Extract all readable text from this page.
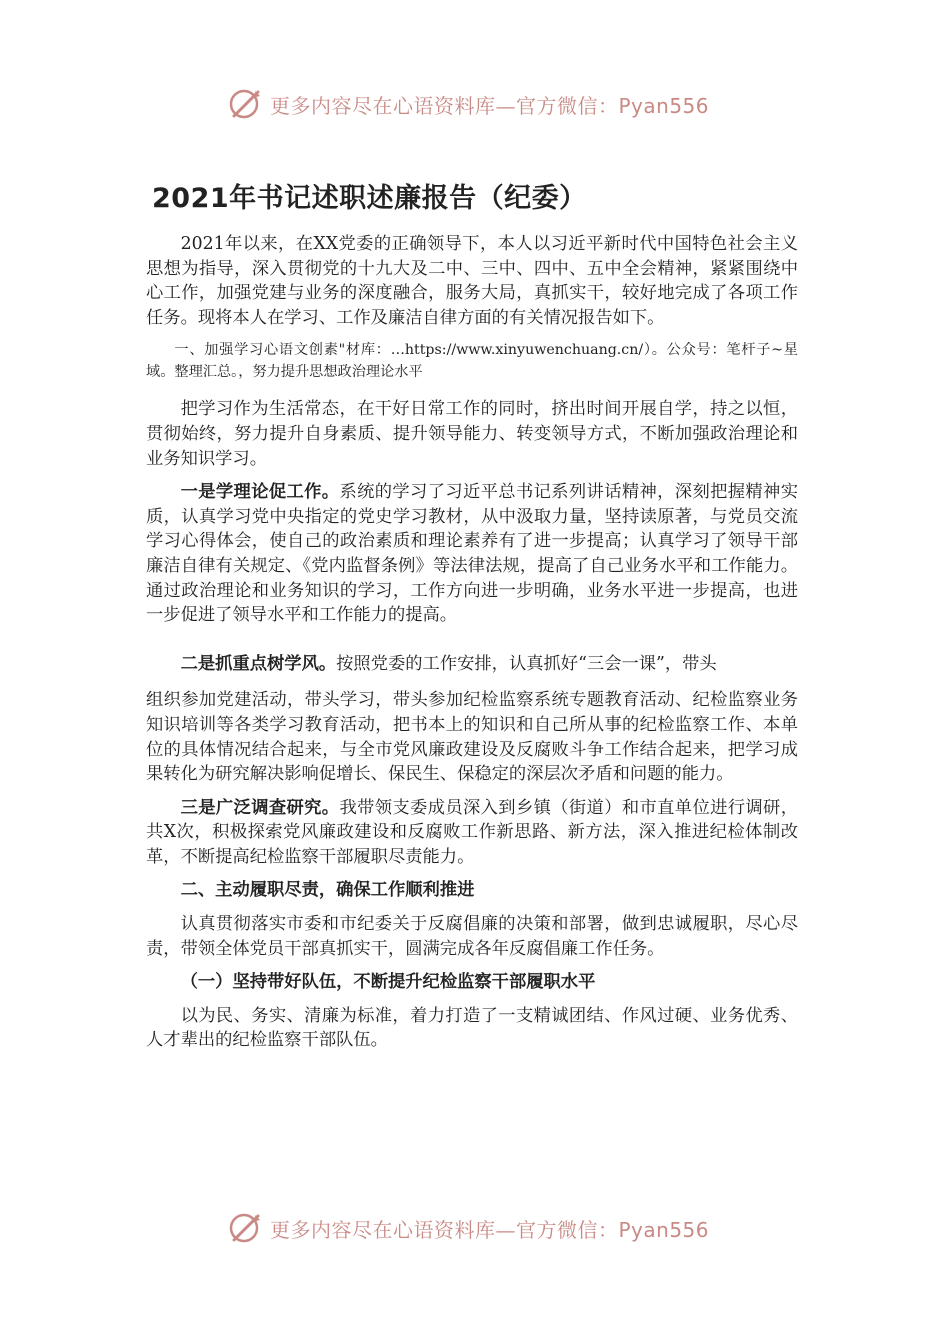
更多内容尽在心语资料库—官方微信：Pyan556
2021年书记述职述廉报告（纪委）

2021年以来，在XX党委的正确领导下，本人以习近平新时代中国特色社会主义思想为指导，深入贯彻党的十九大及二中、三中、四中、五中全会精神，紧紧围绕中心工作，加强党建与业务的深度融合，服务大局，真抓实干，较好地完成了各项工作任务。现将本人在学习、工作及廉洁自律方面的有关情况报告如下。

一、加强学习心语文创素"材库：…https://www.xinyuwenchuang.cn/）。公众号：笔杆子~星域。整理汇总。，努力提升思想政治理论水平

把学习作为生活常态，在干好日常工作的同时，挤出时间开展自学，持之以恒，贯彻始终，努力提升自身素质、提升领导能力、转变领导方式，不断加强政治理论和业务知识学习。

一是学理论促工作。系统的学习了习近平总书记系列讲话精神，深刻把握精神实质，认真学习党中央指定的党史学习教材，从中汲取力量，坚持读原著，与党员交流学习心得体会，使自己的政治素质和理论素养有了进一步提高；认真学习了领导干部廉洁自律有关规定、《党内监督条例》等法律法规，提高了自己业务水平和工作能力。通过政治理论和业务知识的学习，工作方向进一步明确，业务水平进一步提高，也进一步促进了领导水平和工作能力的提高。

二是抓重点树学风。按照党委的工作安排，认真抓好“三会一课”，带头

组织参加党建活动，带头学习，带头参加纪检监察系统专题教育活动、纪检监察业务知识培训等各类学习教育活动，把书本上的知识和自己所从事的纪检监察工作、本单位的具体情况结合起来，与全市党风廉政建设及反腐败斗争工作结合起来，把学习成果转化为研究解决影响促增长、保民生、保稳定的深层次矛盾和问题的能力。

三是广泛调查研究。我带领支委成员深入到乡镇（街道）和市直单位进行调研，共X次，积极探索党风廉政建设和反腐败工作新思路、新方法，深入推进纪检体制改革，不断提高纪检监察干部履职尽责能力。

二、主动履职尽责，确保工作顺利推进

认真贯彻落实市委和市纪委关于反腐倡廉的决策和部署，做到忠诚履职，尽心尽责，带领全体党员干部真抓实干，圆满完成各年反腐倡廉工作任务。

（一）坚持带好队伍，不断提升纪检监察干部履职水平

以为民、务实、清廉为标准，着力打造了一支精诚团结、作风过硬、业务优秀、人才辈出的纪检监察干部队伍。

更多内容尽在心语资料库—官方微信：Pyan556
